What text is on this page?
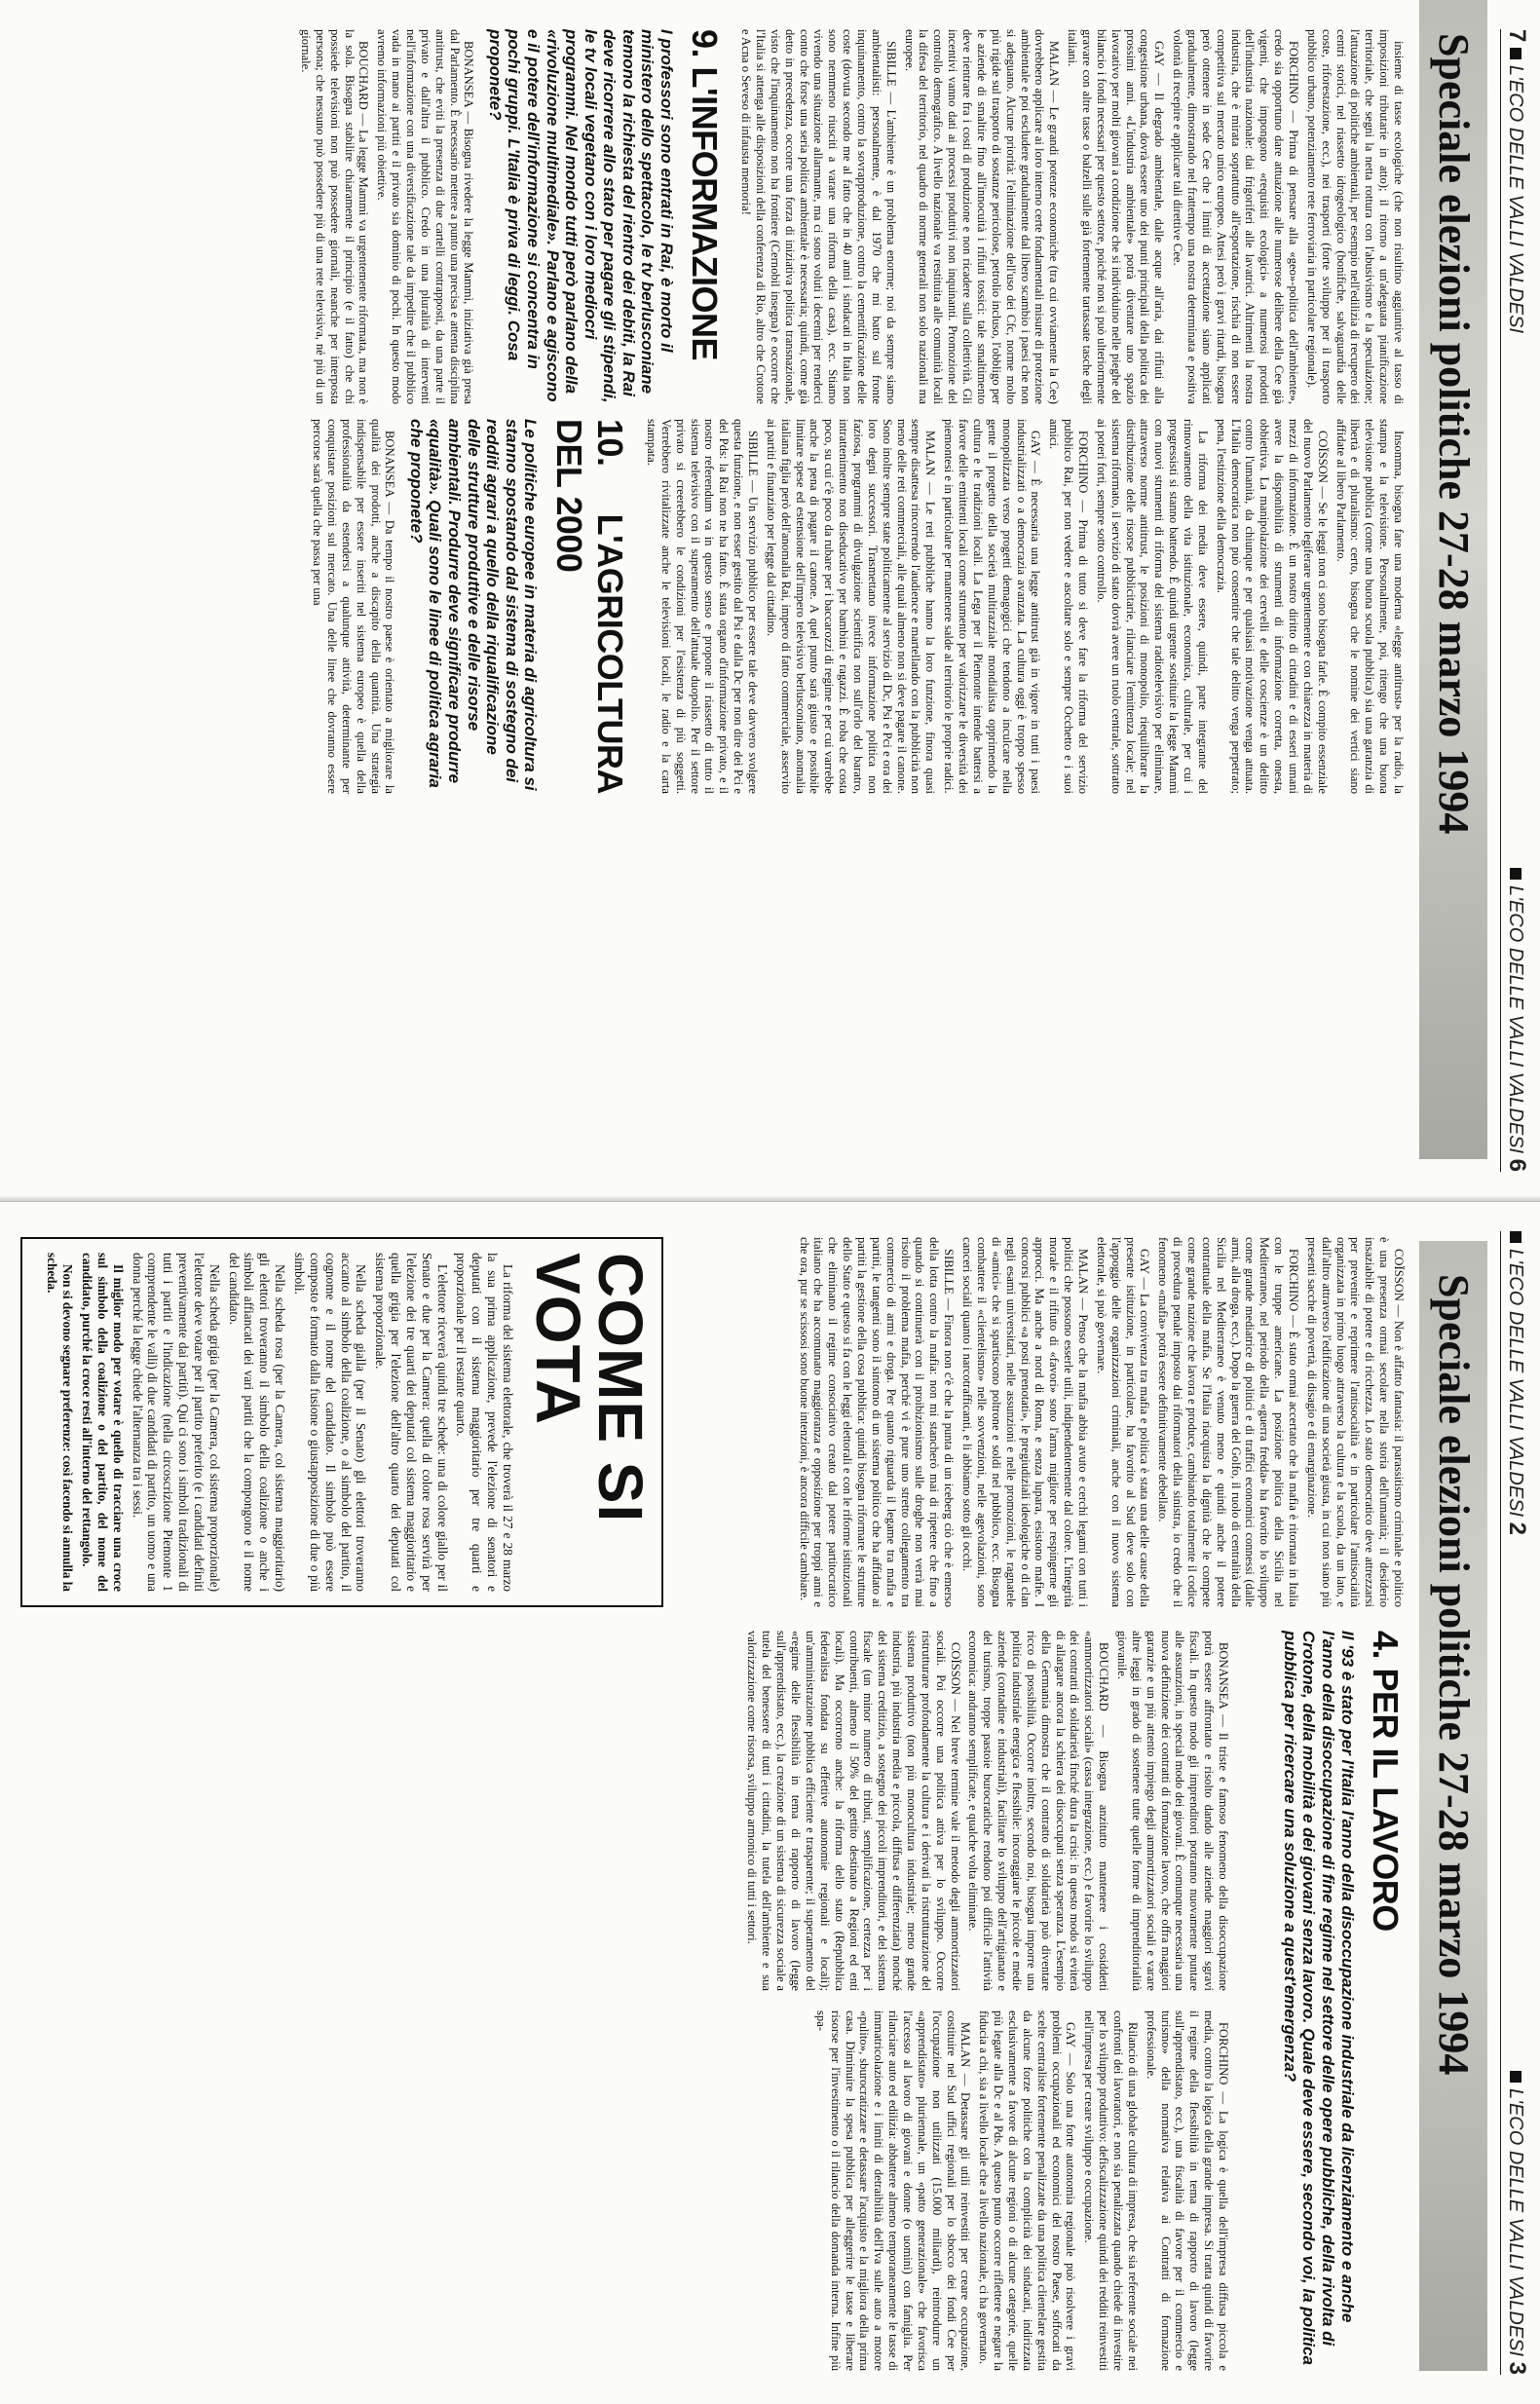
7 L'ECO DELLE VALLI VALDESI
L'ECO DELLE VALLI VALDESI 6
Speciale elezioni politiche 27-28 marzo 1994

insieme di tasse ecologiche (che non risultino aggiuntive al tasso di imposizioni tributarie in atto); il ritorno a un'adeguata pianificazione territoriale, che segni la netta rottura con l'abusivismo e la speculazione; l'attuazione di politiche ambientali, per esempio nell'edilizia di recupero dei centri storici, nel riassetto idrogeologico (bonifiche, salvaguardia delle coste, riforestazione, ecc.), nei trasporti (forte sviluppo per il trasporto pubblico urbano, potenziamento rete ferroviaria in particolare regionale).

FORCHINO — Prima di pensare alla «geo»-politica dell'ambiente», credo sia opportuno dare attuazione alle numerose delibere della Cee già vigenti, che impongono «requisiti ecologici» a numerosi prodotti dell'industria nazionale: dai frigoriferi alle lavatrici. Altrimenti la nostra industria, che è mirata soprattutto all'esportazione, rischia di non essere competitiva sul mercato unico europeo. Attesi però i gravi ritardi, bisogna però ottenere in sede Cee che i limiti di accettazione siano applicati gradualmente, dimostrando nel frattempo una nostra determinata e positiva volontà di recepire e applicare tali direttive Cee.

GAY — Il degrado ambientale, dalle acque all'aria, dai rifiuti alla congestione urbana, dovrà essere uno dei punti principali della politica dei prossimi anni. «L'industria ambientale» potrà diventare uno spazio lavorativo per molti giovani a condizione che si individuino nelle pieghe del bilancio i fondi necessari per questo settore, poiché non si può ulteriormente gravare con altre tasse o balzelli sulle già fortemente tartassate tasche degli italiani.

MALAN — Le grandi potenze economiche (tra cui ovviamente la Cee) dovrebbero applicare ai loro interno certe fondamentali misure di protezione ambientale e poi escludere gradualmente dal libero scambio i paesi che non si adeguano. Alcune priorità: l'eliminazione dell'uso dei Cfc, norme molto più rigide sul trasporto di sostanze pericolose, petrolio incluso, l'obbligo per le aziende di smaltire fino all'innocuità i rifiuti tossici: tale smaltimento deve rientrare fra i costi di produzione e non ricadere sulla collettività. Gli incentivi vanno dati ai processi produttivi non inquinanti. Promozione del controllo demografico. A livello nazionale va restituita alle comunità locali la difesa del territorio, nel quadro di norme generali non solo nazionali ma europee.

SIBILLE — L'ambiente è un problema enorme; noi da sempre siamo ambientalisti: personalmente, è dal 1970 che mi batto sul fronte inquinamento, contro la sovrapproduzione, contro la cementificazione delle coste (dovuta secondo me al fatto che in 40 anni i sindacati in Italia non sono nemmeno riusciti a varare una riforma della casa), ecc. Stiamo vivendo una situazione allarmante, ma ci sono voluti i decenni per renderci conto che forse una seria politica ambientale è necessaria; quindi, come già detto in precedenza, occorre una forza di iniziativa politica transnazionale, visto che l'inquinamento non ha frontiere (Cernobil insegna) e occorre che l'Italia si attenga alle disposizioni della conferenza di Rio, altro che Crotone e Acna o Seveso di infausta memoria!

9. L'INFORMAZIONE
I professori sono entrati in Rai, è morto il ministero dello spettacolo, le tv berlusconiane temono la richiesta del rientro dei debiti, la Rai deve ricorrere allo stato per pagare gli stipendi, le tv locali vegetano con i loro mediocri programmi. Nel mondo tutti però parlano della «rivoluzione multimediale». Parlano e agiscono e il potere dell'informazione si concentra in pochi gruppi. L'Italia è priva di leggi. Cosa proponete?

BONANSEA — Bisogna rivedere la legge Mammì, iniziativa già presa dal Parlamento. È necessario mettere a punto una precisa e attenta disciplina antitrust, che eviti la presenza di due cartelli contrapposti, da una parte il privato e dall'altra il pubblico. Credo in una pluralità di interventi nell'informazione con una diversificazione tale da impedire che il pubblico vada in mano ai partiti e il privato sia dominio di pochi. In questo modo avremo informazioni più obiettive.

BOUCHARD — La legge Mammì va urgentemente riformata, ma non è la sola. Bisogna stabilire chiaramente il principio (e il fatto) che chi possiede televisioni non può possedere giornali, neanche per interposta persona; che nessuno può possedere più di una rete televisiva, né più di un giornale.

Insomma, bisogna fare una moderna «legge antitrust» per la radio, la stampa e la televisione. Personalmente, poi, ritengo che una buona televisione pubblica (come una buona scuola pubblica) sia una garanzia di libertà e di pluralismo: certo, bisogna che le nomine dei vertici siano affidate al libero Parlamento.

COÏSSON — Se le leggi non ci sono bisogna farle. È compito essenziale del nuovo Parlamento legiferare urgentemente e con chiarezza in materia di mezzi di informazione. È un nostro diritto di cittadini e di esseri umani avere la disponibilità di strumenti di informazione corretta, onesta, obbiettiva. La manipolazione dei cervelli e delle coscienze è un delitto contro l'umanità, da chiunque e per qualsiasi motivazione venga attuata. L'Italia democratica non può consentire che tale delitto venga perpetrato; pena, l'estinzione della democrazia.

La riforma dei media deve essere, quindi, parte integrante del rinnovamento della vita istituzionale, economica, culturale, per cui i progressisti si stanno battendo. È quindi urgente sostituire la legge Mammì con nuovi strumenti di riforma del sistema radiotelevisivo per eliminare, attraverso norme antitrust, le posizioni di monopolio, riequilibrare la distribuzione delle risorse pubblicitarie, rilanciare l'emittenza locale; nel sistema riformato, il servizio di stato dovrà avere un ruolo centrale, sottratto ai poteri forti, sempre sotto controllo.

FORCHINO — Prima di tutto si deve fare la riforma del servizio pubblico Rai, per non vedere e ascoltare solo e sempre Occhetto e i suoi amici.

GAY — È necessaria una legge antitrust già in vigore in tutti i paesi industrializzati o a democrazia avanzata. La cultura oggi è troppo spesso monopolizzata verso progetti demagogici che tendono a inculcare nella gente il progetto della società multirazziale mondialista opprimendo la cultura e le tradizioni locali. La Lega per il Piemonte intende battersi a favore delle emittenti locali come strumento per valorizzare le diversità dei piemontesi e in particolare per mantenere salde al territorio le proprie radici.

MALAN — Le reti pubbliche hanno la loro funzione, finora quasi sempre disattesa rincorrendo l'audience e martellando con la pubblicità non meno delle reti commerciali, alle quali almeno non si deve pagare il canone. Sono inoltre sempre state politicamente al servizio di Dc, Psi e Pci e ora dei loro degni successori. Trasmettano invece informazione politica non faziosa, programmi di divulgazione scientifica non sull'orlo del baratro, intrattenimento non diseducativo per bambini e ragazzi. È roba che costa poco, su cui c'è poco da rubare per i baccarozzi di regime e per cui varrebbe anche la pena di pagare il canone. A quel punto sarà giusto e possibile limitare spese ed estensione dell'impero televisivo berlusconiano, anomalia italiana figlia però dell'anomalia Rai, impero di fatto commerciale, asservito ai partiti e finanziato per legge dal cittadino.

SIBILLE — Un servizio pubblico per essere tale deve davvero svolgere questa funzione, e non esser gestito dal Psi e dalla Dc per non dire dei Pci e del Pds: la Rai non ne ha fatto. È stata organo d'informazione privato, e il nostro referendum va in questo senso e propone il riassetto di tutto il sistema televisivo con il superamento dell'attuale duopolio. Per il settore privato si creerebbero le condizioni per l'esistenza di più soggetti. Verrebbero rivitalizzate anche le televisioni locali, le radio e la carta stampata.

10. L'AGRICOLTURA DEL 2000
Le politiche europee in materia di agricoltura si stanno spostando dal sistema di sostegno dei redditi agrari a quello della riqualificazione delle strutture produttive e delle risorse ambientali. Produrre deve significare produrre «qualità». Quali sono le linee di politica agraria che proponete?

BONANSEA — Da tempo il nostro paese è orientato a migliorare la qualità dei prodotti, anche a discapito della quantità. Una strategia indispensabile per essere inseriti nel sistema europeo è quella della professionalità da estendersi a qualunque attività, determinante per conquistare posizioni sul mercato. Una delle linee che dovranno essere percorse sarà quella che passa per una

L'ECO DELLE VALLI VALDESI 2
L'ECO DELLE VALLI VALDESI 3
Speciale elezioni politiche 27-28 marzo 1994

COÏSSON — Non è affatto fantasia: il parassitismo criminale e politico è una presenza ormai secolare nella storia dell'umanità; il desiderio insaziabile di potere e di ricchezza. Lo stato democratico deve attrezzarsi per prevenire e reprimere l'antisocialità e in particolare l'antisocialità organizzata in primo luogo attraverso la cultura e la scuola, da un lato, e dall'altro attraverso l'edificazione di una società giusta, in cui non siano più presenti sacche di povertà, di disagio e di emarginazione.

FORCHINO — È stato ormai accertato che la mafia è ritornata in Italia con le truppe americane. La posizione politica della Sicilia nel Mediterraneo, nel periodo della «guerra fredda» ha favorito lo sviluppo come grande mediatrice di politici e di traffici economici connessi (dalle armi, alla droga, ecc.). Dopo la guerra del Golfo, il ruolo di centralità della Sicilia nel Mediterraneo è venuto meno e quindi anche il potere contrattuale della mafia. Se l'Italia riacquista la dignità che le compete come grande nazione che lavora e produce, cambiando totalmente il codice di procedura penale imposto dai riformatori della sinistra, io credo che il fenomeno «mafia» potrà essere definitivamente debellato.

GAY — La convivenza tra mafia e politica è stata una delle cause della presente istituzione, in particolare, ha favorito al Sud deve solo con l'appoggio delle organizzazioni criminali, anche con il nuovo sistema elettorale, si può governare.

MALAN — Penso che la mafia abbia avuto e cerchi legami con tutti i politici che possono esserle utili, indipendentemente dal colore. L'integrità morale e il rifiuto di «favori» sono l'arma migliore per respingerne gli approcci. Ma anche a nord di Roma, e senza lupara, esistono mafie. I concorsi pubblici «a posti prenotati», le pregiudiziali ideologiche o di clan negli esami universitari, nelle assunzioni e nelle promozioni, le ragnatele di «amici» che si spartiscono poltrone e soldi nel pubblico, ecc. Bisogna combattere il «clientelismo» nelle sovvenzioni, nelle agevolazioni, sono canceri sociali quanto i narcotrafficanti, e li abbiamo sotto gli occhi.

SIBILLE — Finora non c'è che la punta di un iceberg ciò che è emerso della lotta contro la mafia: non mi stancherò mai di ripetere che fino a quando si continuerà con il proibizionismo sulle droghe non verrà mai risolto il problema mafia, perché vi è pure uno stretto collegamento tra commercio di armi e droga. Per quanto riguarda il legame tra mafia e partiti, le tangenti sono il sintomo di un sistema politico che ha affidato ai partiti la gestione della cosa pubblica: quindi bisogna riformare le strutture dello Stato e questo si fa con le leggi elettorali e con le riforme istituzionali che eliminano il regime consociativo creato dal potere partitocratico italiano che ha accomunato maggioranza e opposizione per troppi anni e che ora, pur se scissosi sono buone intenzioni, è ancora difficile cambiare.

COME SI VOTA

La riforma del sistema elettorale, che troverà il 27 e 28 marzo la sua prima applicazione, prevede l'elezione di senatori e deputati con il sistema maggioritario per tre quarti e proporzionale per il restante quarto.

L'elettore riceverà quindi tre schede: una di colore giallo per il Senato e due per la Camera: quella di colore rosa servirà per l'elezione dei tre quarti dei deputati col sistema maggioritario e quella grigia per l'elezione dell'altro quarto dei deputati col sistema proporzionale.

Nella scheda gialla (per il Senato) gli elettori troveranno accanto al simbolo della coalizione, o al simbolo del partito, il cognome e il nome del candidato. Il simbolo può essere composto e formato dalla fusione o giustapposizione di due o più simboli.

Nella scheda rosa (per la Camera, col sistema maggioritario) gli elettori troveranno il simbolo della coalizione o anche i simboli affiancati dei vari partiti che la compongono e il nome del candidato.

Nella scheda grigia (per la Camera, col sistema proporzionale) l'elettore deve votare per il partito preferito (e i candidati definiti preventivamente dai partiti). Qui ci sono i simboli tradizionali di tutti i partiti e l'indicazione (nella circoscrizione Piemonte 1 comprendente le valli) di due candidati di partito, un uomo e una donna perché la legge chiede l'alternanza tra i sessi.

Il miglior modo per votare è quello di tracciare una croce sul simbolo della coalizione o del partito, del nome del candidato, purché la croce resti all'interno del rettangolo.

Non si devono segnare preferenze: così facendo si annulla la scheda.

4. PER IL LAVORO
Il '93 è stato per l'Italia l'anno della disoccupazione industriale da licenziamento e anche l'anno della disoccupazione di fine regime nel settore delle opere pubbliche, della rivolta di Crotone, della mobilità e dei giovani senza lavoro. Quale deve essere, secondo voi, la politica pubblica per ricercare una soluzione a quest'emergenza?

BONANSEA — Il triste e famoso fenomeno della disoccupazione potrà essere affrontato e risolto dando alle aziende maggiori sgravi fiscali. In questo modo gli imprenditori potranno nuovamente puntare alle assunzioni, in special modo dei giovani. È comunque necessaria una nuova definizione dei contratti di formazione lavoro, che offra maggiori garanzie e un più attento impiego degli ammortizzatori sociali e varare altre leggi in grado di sostenere tutte quelle forme di imprenditorialità giovanile.

BOUCHARD — Bisogna anzitutto mantenere i cosiddetti «ammortizzatori sociali» (cassa integrazione, ecc.) e favorire lo sviluppo dei contratti di solidarietà finché dura la crisi: in questo modo si eviterà di allargare ancora la schiera dei disoccupati senza speranza. L'esempio della Germania dimostra che il contratto di solidarietà può diventare ricco di possibilità. Occorre inoltre, secondo noi, bisogna imporre una politica industriale energica e flessibile: incoraggiare le piccole e medie aziende (contadine e industriali), facilitare lo sviluppo dell'artigianato e del turismo, troppe pastoie burocratiche rendono poi difficile l'attività economica: andranno semplificate, e qualche volta eliminate.

COÏSSON — Nel breve termine vale il metodo degli ammortizzatori sociali. Poi occorre una politica attiva per lo sviluppo. Occorre ristrutturare profondamente la cultura e i derivati la ristrutturazione del sistema produttivo (non più monocultura industriale; meno grande industria, più industria media e piccola, diffusa e differenziata) nonché del sistema creditizio, a sostegno dei piccoli imprenditori, e del sistema fiscale (un minor numero di tributi, semplificazione, certezza per i contribuenti, almeno il 50% del gettito destinato a Regioni ed enti locali). Ma occorrono anche: la riforma dello stato (Repubblica federalista fondata su effettive autonomie regionali e locali); un'amministrazione pubblica efficiente e trasparente; il superamento del «regime delle flessibilità in tema di rapporto di lavoro (legge sull'apprendistato, ecc.), la creazione di un sistema di sicurezza sociale a tutela del benessere di tutti i cittadini, la tutela dell'ambiente e sua valorizzazione come risorsa, sviluppo armonico di tutti i settori.

FORCHINO — La logica è quella dell'impresa diffusa piccola e media, contro la logica della grande impresa. Si tratta quindi di favorire il regime della flessibilità in tema di rapporto di lavoro (legge sull'apprendistato, ecc.), una fiscalità di favore per il commercio e turismo» della normativa relativa ai Contratti di formazione professionale.

Rilancio di una globale cultura di impresa, che sia referente sociale nei confronti dei lavoratori, e non sia penalizzata quando chiede di investire per lo sviluppo produttivo: defiscalizzazione quindi dei redditi reinvestiti nell'impresa per creare sviluppo e occupazione.

GAY — Solo una forte autonomia regionale può risolvere i gravi problemi occupazionali ed economici del nostro Paese, soffocati da scelte centraliste fortemente penalizzate da una politica clientelare gestita da alcune forze politiche con la complicità dei sindacati, indirizzata esclusivamente a favore di alcune regioni o di alcune categorie, quelle più legate alla Dc e al Pds. A questo punto occorre riflettere e negare la fiducia a chi, sia a livello locale che a livello nazionale, ci ha governato.

MALAN — Detassare gli utili reinvestiti per creare occupazione, costituire nel Sud uffici regionali per lo sbocco dei fondi Cee per l'occupazione non utilizzati (15.000 miliardi), reintrodurre un «apprendistato» pluriennale, un «patto generazionale» che favorisca l'accesso al lavoro di giovani e donne (o uomini) con famiglia. Per rilanciare auto ed edilizia: abbattere almeno temporaneamente le tasse di immatricolazione e i limiti di detraibilità dell'Iva sulle auto a motore «pulito», sburocratizzare e detassare l'acquisto e la migliora della prima casa. Diminuire la spesa pubblica per alleggerire le tasse e liberare risorse per l'investimento o il rilancio della domanda interna. Infine più spa-
